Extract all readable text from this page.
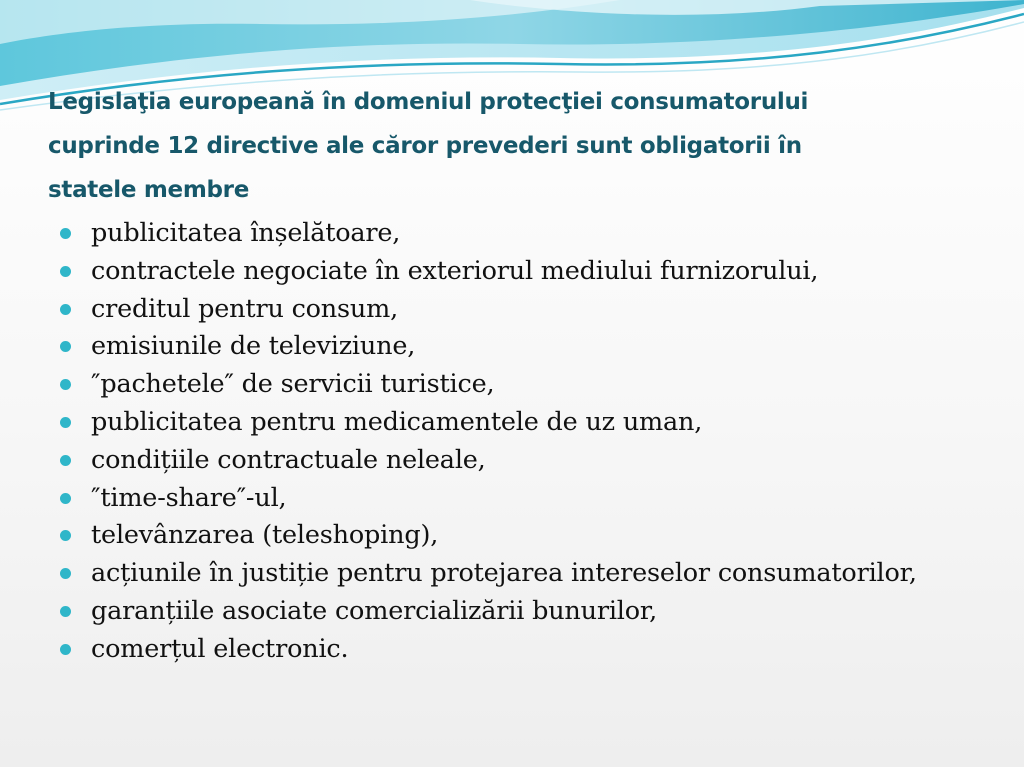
Legislaţia europeană în domeniul protecţiei consumatorului
cuprinde 12 directive ale căror prevederi sunt obligatorii în
statele membre
publicitatea înșelătoare,
contractele negociate în exteriorul mediului furnizorului,
creditul pentru consum,
emisiunile de televiziune,
″pachetele″ de servicii turistice,
publicitatea pentru medicamentele de uz uman,
condițiile contractuale neleale,
″time-share″-ul,
televânzarea (teleshoping),
acțiunile în justiție pentru protejarea intereselor consumatorilor,
garanțiile asociate comercializării bunurilor,
comerțul electronic.
